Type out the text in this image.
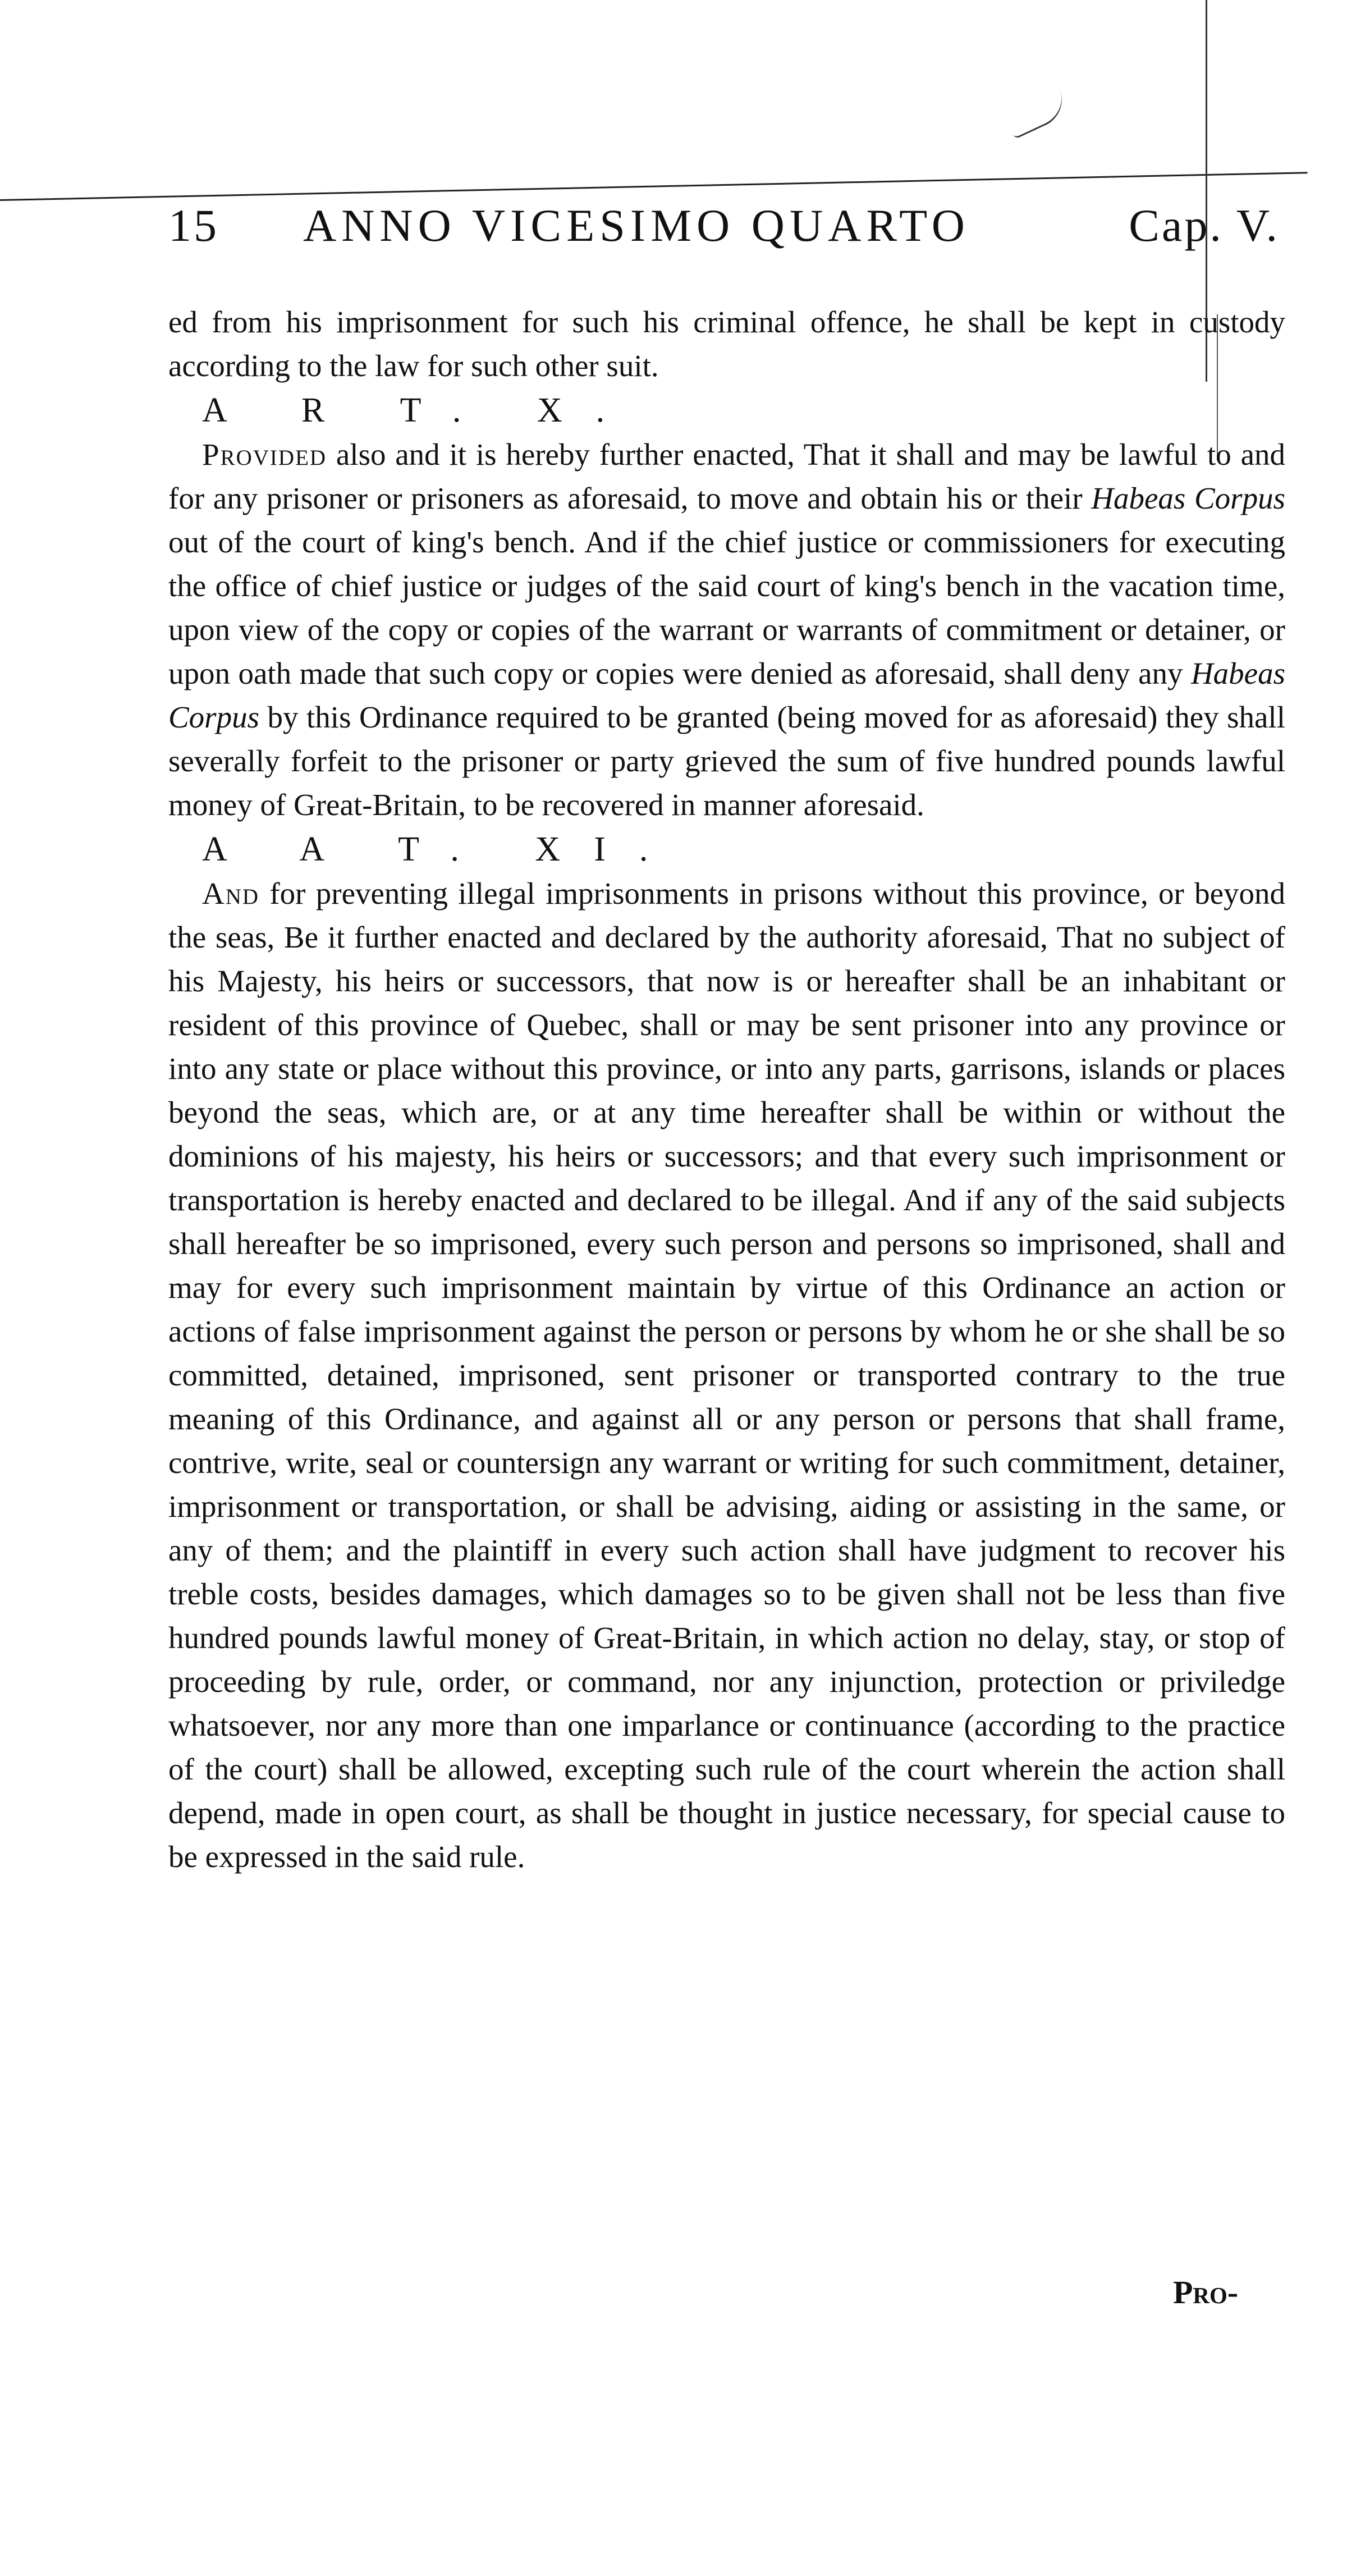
15 ANNO VICESIMO QUARTO	Cap. V.

ed from his imprisonment for such his criminal offence, he shall be kept in custody according to the law for such other suit.

A R T. X.

Provided also and it is hereby further enacted, That it shall and may be lawful to and for any prisoner or prisoners as aforesaid, to move and obtain his or their Habeas Corpus out of the court of king's bench. And if the chief justice or commissioners for executing the office of chief justice or judges of the said court of king's bench in the vacation time, upon view of the copy or copies of the warrant or warrants of commitment or detainer, or upon oath made that such copy or copies were denied as aforesaid, shall deny any Habeas Corpus by this Ordinance required to be granted (being moved for as aforesaid) they shall severally forfeit to the prisoner or party grieved the sum of five hundred pounds lawful money of Great-Britain, to be recovered in manner aforesaid.

A A T. XI.

And for preventing illegal imprisonments in prisons without this province, or beyond the seas, Be it further enacted and declared by the authority aforesaid, That no subject of his Majesty, his heirs or successors, that now is or hereafter shall be an inhabitant or resident of this province of Quebec, shall or may be sent prisoner into any province or into any state or place without this province, or into any parts, garrisons, islands or places beyond the seas, which are, or at any time hereafter shall be within or without the dominions of his majesty, his heirs or successors; and that every such imprisonment or transportation is hereby enacted and declared to be illegal. And if any of the said subjects shall hereafter be so imprisoned, every such person and persons so imprisoned, shall and may for every such imprisonment maintain by virtue of this Ordinance an action or actions of false imprisonment against the person or persons by whom he or she shall be so committed, detained, imprisoned, sent prisoner or transported contrary to the true meaning of this Ordinance, and against all or any person or persons that shall frame, contrive, write, seal or countersign any warrant or writing for such commitment, detainer, imprisonment or transportation, or shall be advising, aiding or assisting in the same, or any of them; and the plaintiff in every such action shall have judgment to recover his treble costs, besides damages, which damages so to be given shall not be less than five hundred pounds lawful money of Great-Britain, in which action no delay, stay, or stop of proceeding by rule, order, or command, nor any injunction, protection or priviledge whatsoever, nor any more than one imparlance or continuance (according to the practice of the court) shall be allowed, excepting such rule of the court wherein the action shall depend, made in open court, as shall be thought in justice necessary, for special cause to be expressed in the said rule.

Pro-
